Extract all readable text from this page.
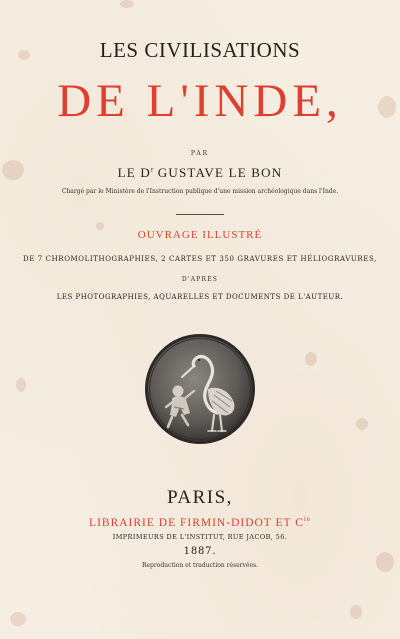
LES CIVILISATIONS
DE L'INDE,
PAR
LE $D^r$ GUSTAVE LE BON
Chargé par le Ministère de l'Instruction publique d'une mission archéologique dans l'Inde.
OUVRAGE ILLUSTRÉ
DE 7 CHROMOLITHOGRAPHIES, 2 CARTES ET 350 GRAVURES ET HÉLIOGRAVURES,
D'APRÈS
LES PHOTOGRAPHIES, AQUARELLES ET DOCUMENTS DE L'AUTEUR.
PARIS,
LIBRAIRIE DE FIRMIN-DIDOT ET $C^{ie}$
IMPRIMEURS DE L'INSTITUT, RUE JACOB, 56.
1887.
Reproduction et traduction réservées.
